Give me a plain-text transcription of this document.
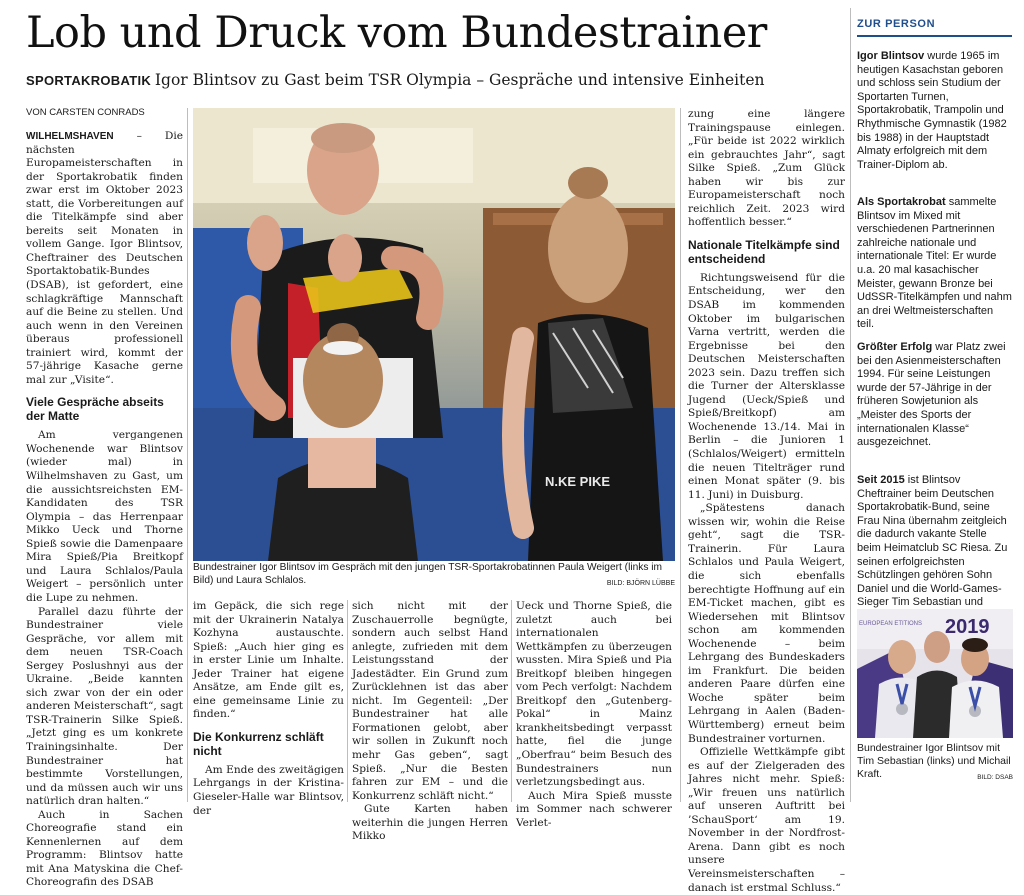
Lob und Druck vom Bundestrainer
SPORTAKROBATIK Igor Blintsov zu Gast beim TSR Olympia – Gespräche und intensive Einheiten
VON CARSTEN CONRADS

WILHELMSHAVEN – Die nächsten Europameisterschaften in der Sportakrobatik finden zwar erst im Oktober 2023 statt, die Vorbereitungen auf die Titelkämpfe sind aber bereits seit Monaten in vollem Gange. Igor Blintsov, Cheftrainer des Deutschen Sportaktobatik-Bundes (DSAB), ist gefordert, eine schlagkräftige Mannschaft auf die Beine zu stellen. Und auch wenn in den Vereinen überaus professionell trainiert wird, kommt der 57-jährige Kasache gerne mal zur „Visite“.

Viele Gespräche abseits der Matte

Am vergangenen Wochenende war Blintsov (wieder mal) in Wilhelmshaven zu Gast, um die aussichtsreichsten EM-Kandidaten des TSR Olympia – das Herrenpaar Mikko Ueck und Thorne Spieß sowie die Damenpaare Mira Spieß/Pia Breitkopf und Laura Schlalos/Paula Weigert – persönlich unter die Lupe zu nehmen.

Parallel dazu führte der Bundestrainer viele Gespräche, vor allem mit dem neuen TSR-Coach Sergey Poslushnyi aus der Ukraine. „Beide kannten sich zwar von der ein oder anderen Meisterschaft“, sagt TSR-Trainerin Silke Spieß. „Jetzt ging es um konkrete Trainingsinhalte. Der Bundestrainer hat bestimmte Vorstellungen, und da müssen auch wir uns natürlich dran halten.“

Auch in Sachen Choreografie stand ein Kennenlernen auf dem Programm: Blintsov hatte mit Ana Matyskina die Chef-Choreografin des DSAB

N.KE PIKE
Bundestrainer Igor Blintsov im Gespräch mit den jungen TSR-Sportakrobatinnen Paula Weigert (links im Bild) und Laura Schlalos.	BILD: BJÖRN LÜBBE

im Gepäck, die sich rege mit der Ukrainerin Natalya Kozhyna austauschte. Spieß: „Auch hier ging es in erster Linie um Inhalte. Jeder Trainer hat eigene Ansätze, am Ende gilt es, eine gemeinsame Linie zu finden.“

Die Konkurrenz schläft nicht

Am Ende des zweitägigen Lehrgangs in der Kristina-Gieseler-Halle war Blintsov, der

sich nicht mit der Zuschauerrolle begnügte, sondern auch selbst Hand anlegte, zufrieden mit dem Leistungsstand der Jadestädter. Ein Grund zum Zurücklehnen ist das aber nicht. Im Gegenteil: „Der Bundestrainer hat alle Formationen gelobt, aber wir sollen in Zukunft noch mehr Gas geben“, sagt Spieß. „Nur die Besten fahren zur EM – und die Konkurrenz schläft nicht.“

Gute Karten haben weiterhin die jungen Herren Mikko

Ueck und Thorne Spieß, die zuletzt auch bei internationalen Wettkämpfen zu überzeugen wussten. Mira Spieß und Pia Breitkopf bleiben hingegen vom Pech verfolgt: Nachdem Breitkopf den „Gutenberg-Pokal“ in Mainz krankheitsbedingt verpasst hatte, fiel die junge „Oberfrau“ beim Besuch des Bundestrainers nun verletzungsbedingt aus.

Auch Mira Spieß musste im Sommer nach schwerer Verlet-

zung eine längere Trainingspause einlegen. „Für beide ist 2022 wirklich ein gebrauchtes Jahr“, sagt Silke Spieß. „Zum Glück haben wir bis zur Europameisterschaft noch reichlich Zeit. 2023 wird hoffentlich besser.“

Nationale Titelkämpfe sind entscheidend

Richtungsweisend für die Entscheidung, wer den DSAB im kommenden Oktober im bulgarischen Varna vertritt, werden die Ergebnisse bei den Deutschen Meisterschaften 2023 sein. Dazu treffen sich die Turner der Altersklasse Jugend (Ueck/Spieß und Spieß/Breitkopf) am Wochenende 13./14. Mai in Berlin – die Junioren 1 (Schlalos/Weigert) ermitteln die neuen Titelträger rund einen Monat später (9. bis 11. Juni) in Duisburg.

„Spätestens danach wissen wir, wohin die Reise geht“, sagt die TSR-Trainerin. Für Laura Schlalos und Paula Weigert, die sich ebenfalls berechtigte Hoffnung auf ein EM-Ticket machen, gibt es Wiedersehen mit Blintsov schon am kommenden Wochenende – beim Lehrgang des Bundeskaders im Frankfurt. Die beiden anderen Paare dürfen eine Woche später beim Lehrgang in Aalen (Baden-Württemberg) erneut beim Bundestrainer vorturnen.

Offizielle Wettkämpfe gibt es auf der Zielgeraden des Jahres nicht mehr. Spieß: „Wir freuen uns natürlich auf unseren Auftritt bei ’SchauSport‘ am 19. November in der Nordfrost-Arena. Dann gibt es noch unsere Vereinsmeisterschaften – danach ist erstmal Schluss.“

ZUR PERSON

Igor Blintsov wurde 1965 im heutigen Kasachstan geboren und schloss sein Studium der Sportarten Turnen, Sportakrobatik, Trampolin und Rhythmische Gymnastik (1982 bis 1988) in der Hauptstadt Almaty erfolgreich mit dem Trainer-Diplom ab.

Als Sportakrobat sammelte Blintsov im Mixed mit verschiedenen Partnerinnen zahlreiche nationale und internationale Titel: Er wurde u.a. 20 mal kasachischer Meister, gewann Bronze bei UdSSR-Titelkämpfen und nahm an drei Weltmeisterschaften teil.

Größter Erfolg war Platz zwei bei den Asienmeisterschaften 1994. Für seine Leistungen wurde der 57-Jährige in der früheren Sowjetunion als „Meister des Sports der internationalen Klasse“ ausgezeichnet.

Seit 2015 ist Blintsov Cheftrainer beim Deutschen Sportakrobatik-Bund, seine Frau Nina übernahm zeitgleich die dadurch vakante Stelle beim Heimatclub SC Riesa. Zu seinen erfolgreichsten Schützlingen gehören Sohn Daniel und die World-Games-Sieger Tim Sebastian und

2019
EUROPEAN ETITIONS
Bundestrainer Igor Blintsov mit Tim Sebastian (links) und Michail Kraft.	BILD: DSAB
